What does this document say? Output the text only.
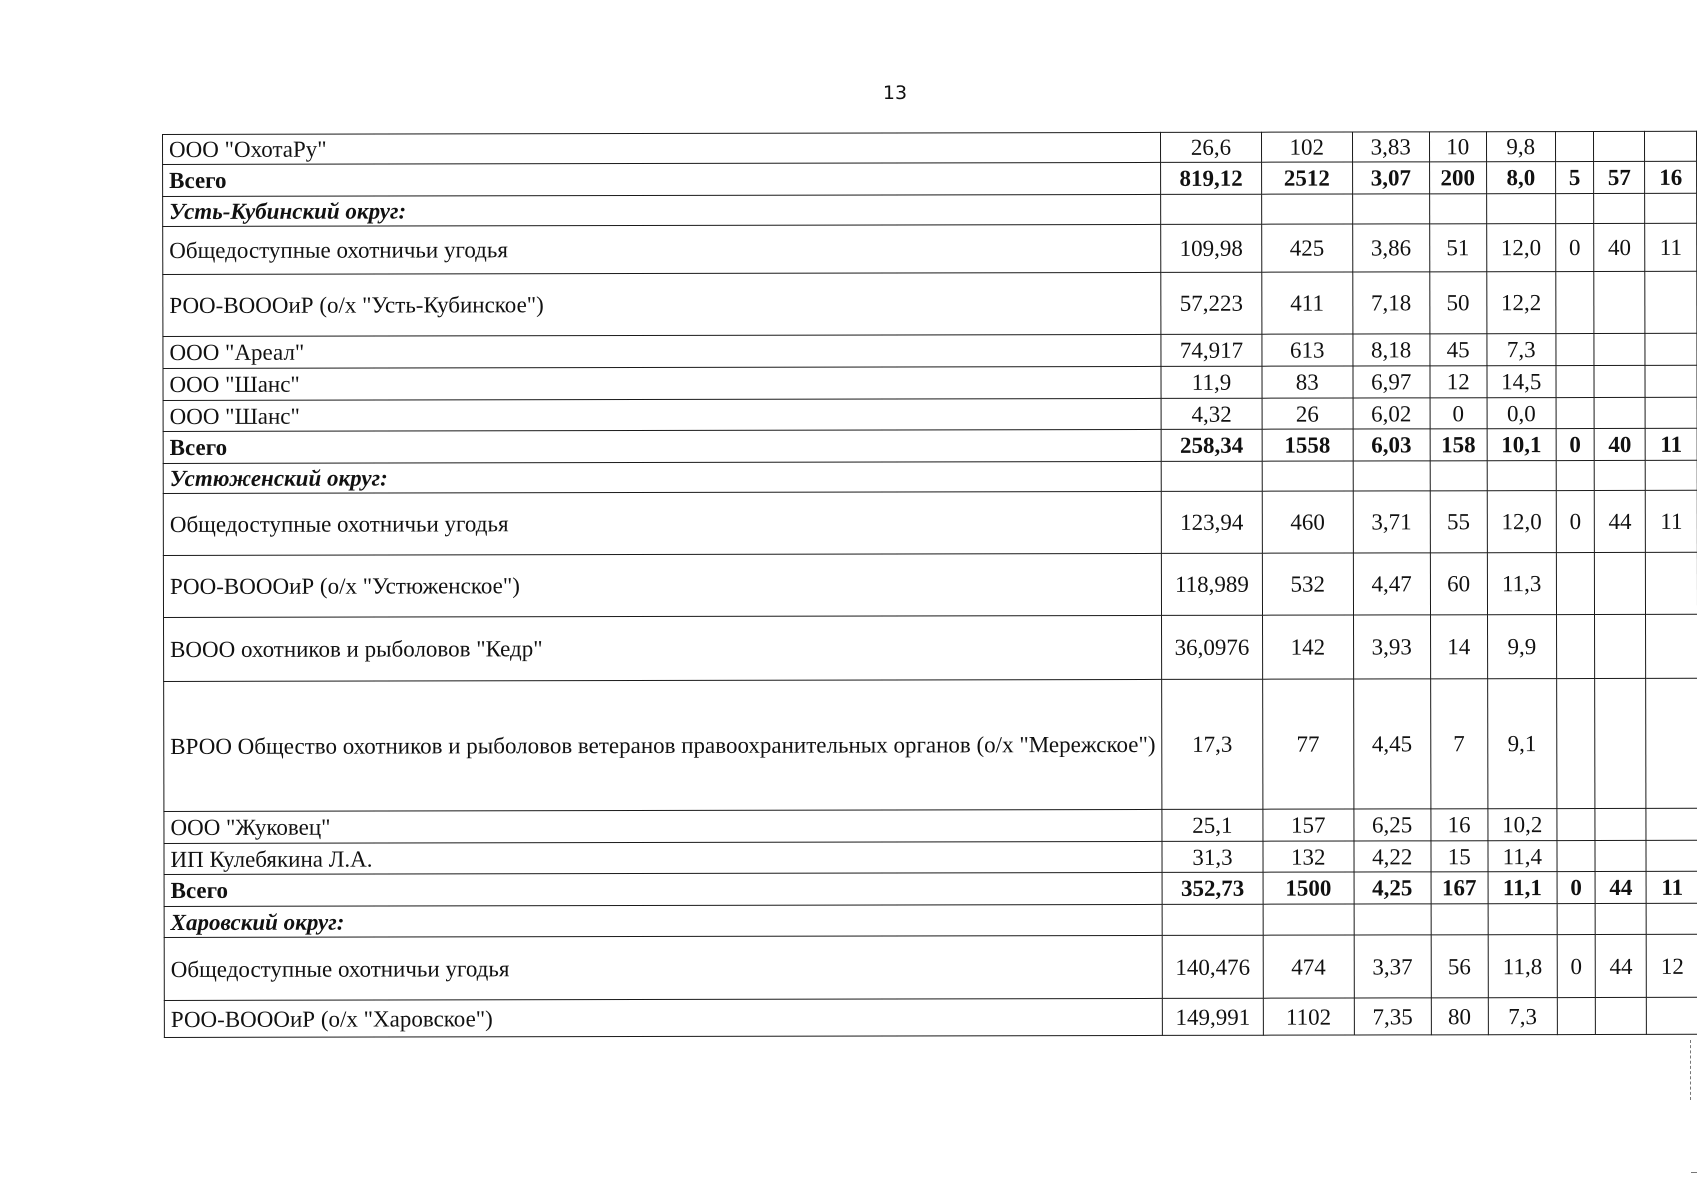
13
ООО "ОхотаРу"	26,6	102	3,83	10	9,8			
Всего	819,12	2512	3,07	200	8,0	5	57	16
Усть-Кубинский округ:								
Общедоступные охотничьи угодья	109,98	425	3,86	51	12,0	0	40	11
РОО-ВОООиР (о/х "Усть-Кубинское")	57,223	411	7,18	50	12,2			
ООО "Ареал"	74,917	613	8,18	45	7,3			
ООО "Шанс"	11,9	83	6,97	12	14,5			
ООО "Шанс"	4,32	26	6,02	0	0,0			
Всего	258,34	1558	6,03	158	10,1	0	40	11
Устюженский округ:								
Общедоступные охотничьи угодья	123,94	460	3,71	55	12,0	0	44	11
РОО-ВОООиР (о/х "Устюженское")	118,989	532	4,47	60	11,3			
ВООО охотников и рыболовов "Кедр"	36,0976	142	3,93	14	9,9			
ВРОО Общество охотников и рыболовов ветеранов правоохранительных органов (о/х "Мережское")	17,3	77	4,45	7	9,1			
ООО "Жуковец"	25,1	157	6,25	16	10,2			
ИП Кулебякина Л.А.	31,3	132	4,22	15	11,4			
Всего	352,73	1500	4,25	167	11,1	0	44	11
Харовский округ:								
Общедоступные охотничьи угодья	140,476	474	3,37	56	11,8	0	44	12
РОО-ВОООиР (о/х "Харовское")	149,991	1102	7,35	80	7,3			
